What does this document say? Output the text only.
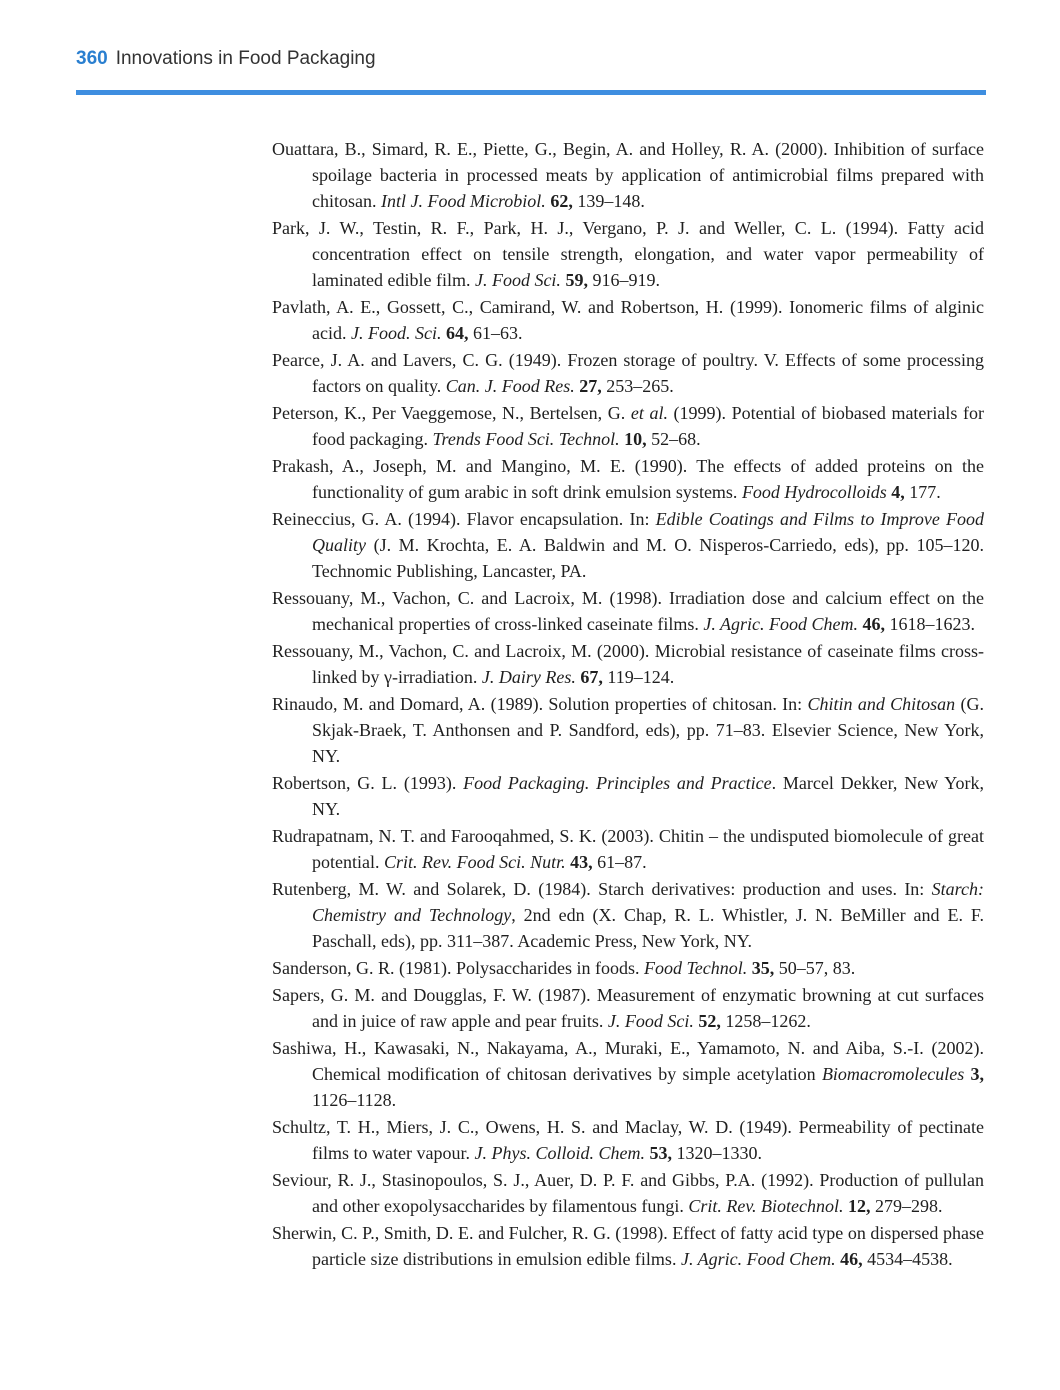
360 Innovations in Food Packaging

Ouattara, B., Simard, R. E., Piette, G., Begin, A. and Holley, R. A. (2000). Inhibition of surface spoilage bacteria in processed meats by application of antimicrobial films prepared with chitosan. Intl J. Food Microbiol. 62, 139–148.

Park, J. W., Testin, R. F., Park, H. J., Vergano, P. J. and Weller, C. L. (1994). Fatty acid concentration effect on tensile strength, elongation, and water vapor permeability of laminated edible film. J. Food Sci. 59, 916–919.

Pavlath, A. E., Gossett, C., Camirand, W. and Robertson, H. (1999). Ionomeric films of alginic acid. J. Food. Sci. 64, 61–63.

Pearce, J. A. and Lavers, C. G. (1949). Frozen storage of poultry. V. Effects of some processing factors on quality. Can. J. Food Res. 27, 253–265.

Peterson, K., Per Vaeggemose, N., Bertelsen, G. et al. (1999). Potential of biobased materials for food packaging. Trends Food Sci. Technol. 10, 52–68.

Prakash, A., Joseph, M. and Mangino, M. E. (1990). The effects of added proteins on the functionality of gum arabic in soft drink emulsion systems. Food Hydrocolloids 4, 177.

Reineccius, G. A. (1994). Flavor encapsulation. In: Edible Coatings and Films to Improve Food Quality (J. M. Krochta, E. A. Baldwin and M. O. Nisperos-Carriedo, eds), pp. 105–120. Technomic Publishing, Lancaster, PA.

Ressouany, M., Vachon, C. and Lacroix, M. (1998). Irradiation dose and calcium effect on the mechanical properties of cross-linked caseinate films. J. Agric. Food Chem. 46, 1618–1623.

Ressouany, M., Vachon, C. and Lacroix, M. (2000). Microbial resistance of caseinate films cross-linked by γ-irradiation. J. Dairy Res. 67, 119–124.

Rinaudo, M. and Domard, A. (1989). Solution properties of chitosan. In: Chitin and Chitosan (G. Skjak-Braek, T. Anthonsen and P. Sandford, eds), pp. 71–83. Elsevier Science, New York, NY.

Robertson, G. L. (1993). Food Packaging. Principles and Practice. Marcel Dekker, New York, NY.

Rudrapatnam, N. T. and Farooqahmed, S. K. (2003). Chitin – the undisputed biomolecule of great potential. Crit. Rev. Food Sci. Nutr. 43, 61–87.

Rutenberg, M. W. and Solarek, D. (1984). Starch derivatives: production and uses. In: Starch: Chemistry and Technology, 2nd edn (X. Chap, R. L. Whistler, J. N. BeMiller and E. F. Paschall, eds), pp. 311–387. Academic Press, New York, NY.

Sanderson, G. R. (1981). Polysaccharides in foods. Food Technol. 35, 50–57, 83.

Sapers, G. M. and Dougglas, F. W. (1987). Measurement of enzymatic browning at cut surfaces and in juice of raw apple and pear fruits. J. Food Sci. 52, 1258–1262.

Sashiwa, H., Kawasaki, N., Nakayama, A., Muraki, E., Yamamoto, N. and Aiba, S.-I. (2002). Chemical modification of chitosan derivatives by simple acetylation Biomacromolecules 3, 1126–1128.

Schultz, T. H., Miers, J. C., Owens, H. S. and Maclay, W. D. (1949). Permeability of pectinate films to water vapour. J. Phys. Colloid. Chem. 53, 1320–1330.

Seviour, R. J., Stasinopoulos, S. J., Auer, D. P. F. and Gibbs, P.A. (1992). Production of pullulan and other exopolysaccharides by filamentous fungi. Crit. Rev. Biotechnol. 12, 279–298.

Sherwin, C. P., Smith, D. E. and Fulcher, R. G. (1998). Effect of fatty acid type on dispersed phase particle size distributions in emulsion edible films. J. Agric. Food Chem. 46, 4534–4538.
